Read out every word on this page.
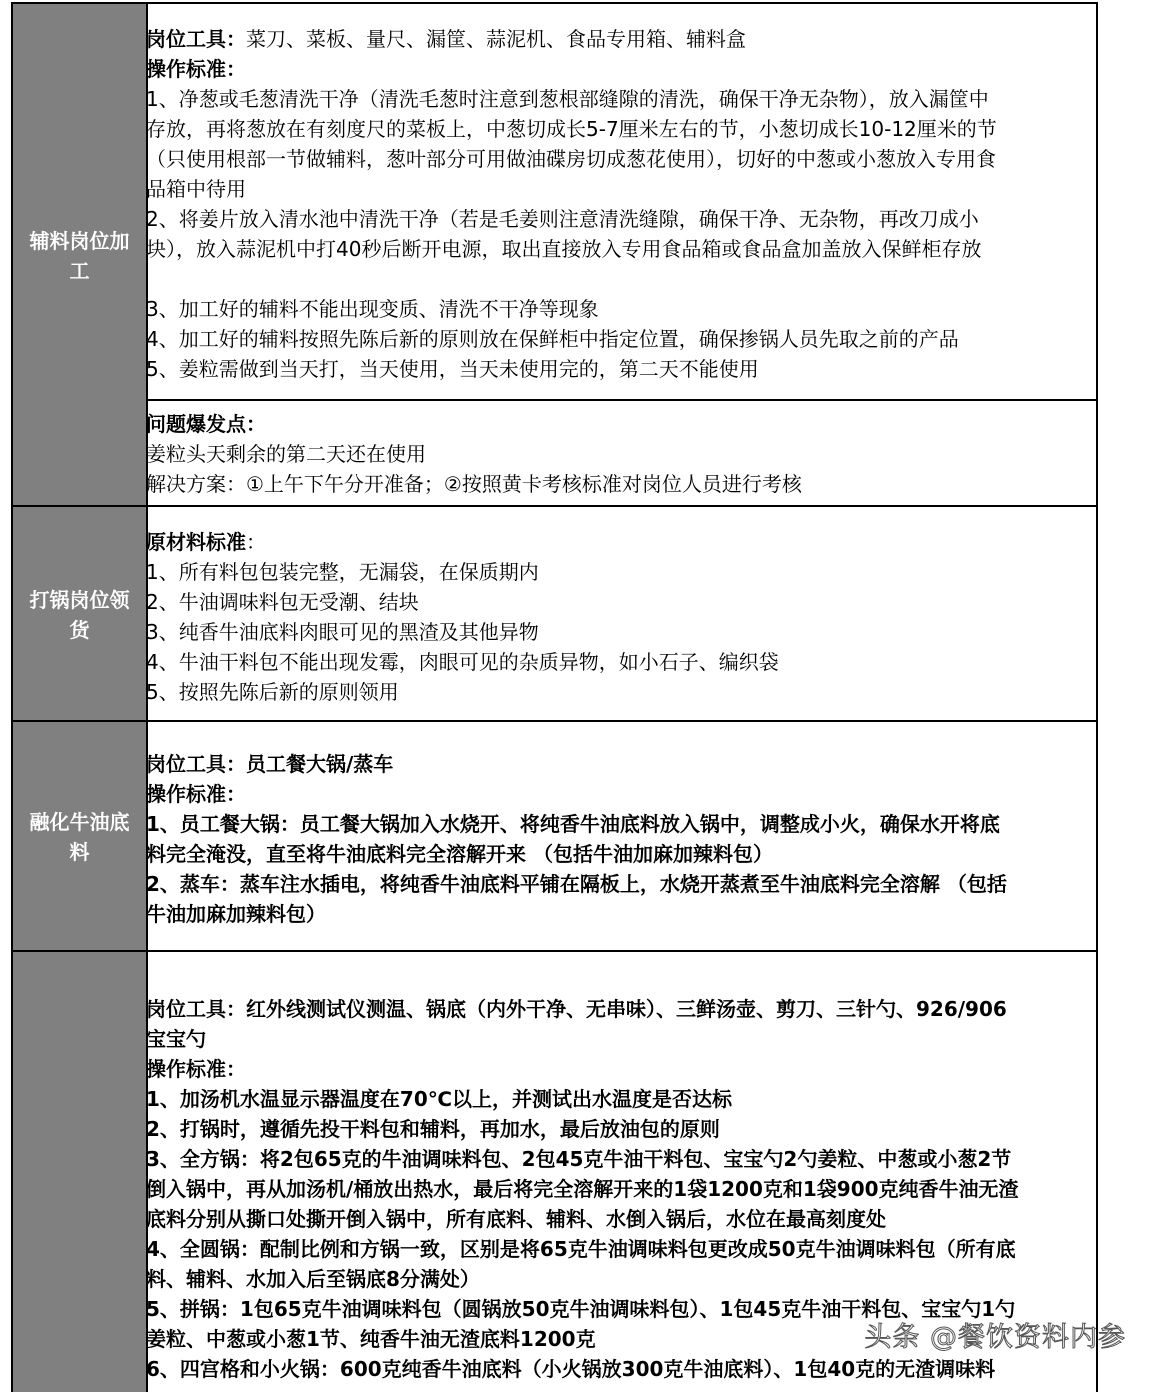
辅料岗位加工
岗位工具：菜刀、菜板、量尺、漏筐、蒜泥机、食品专用箱、辅料盒
操作标准：
1、净葱或毛葱清洗干净（清洗毛葱时注意到葱根部缝隙的清洗，确保干净无杂物），放入漏筐中
存放，再将葱放在有刻度尺的菜板上，中葱切成长5-7厘米左右的节，小葱切成长10-12厘米的节
（只使用根部一节做辅料，葱叶部分可用做油碟房切成葱花使用），切好的中葱或小葱放入专用食
品箱中待用
2、将姜片放入清水池中清洗干净（若是毛姜则注意清洗缝隙，确保干净、无杂物，再改刀成小
块），放入蒜泥机中打40秒后断开电源，取出直接放入专用食品箱或食品盒加盖放入保鲜柜存放
3、加工好的辅料不能出现变质、清洗不干净等现象
4、加工好的辅料按照先陈后新的原则放在保鲜柜中指定位置，确保掺锅人员先取之前的产品
5、姜粒需做到当天打，当天使用，当天未使用完的，第二天不能使用
问题爆发点：
姜粒头天剩余的第二天还在使用
解决方案：①上午下午分开准备；②按照黄卡考核标准对岗位人员进行考核
打锅岗位领货
原材料标准：
1、所有料包包装完整，无漏袋，在保质期内
2、牛油调味料包无受潮、结块
3、纯香牛油底料肉眼可见的黑渣及其他异物
4、牛油干料包不能出现发霉，肉眼可见的杂质异物，如小石子、编织袋
5、按照先陈后新的原则领用
融化牛油底料
岗位工具：员工餐大锅/蒸车
操作标准：
1、员工餐大锅：员工餐大锅加入水烧开、将纯香牛油底料放入锅中，调整成小火，确保水开将底
料完全淹没，直至将牛油底料完全溶解开来 （包括牛油加麻加辣料包）
2、蒸车：蒸车注水插电，将纯香牛油底料平铺在隔板上，水烧开蒸煮至牛油底料完全溶解 （包括
牛油加麻加辣料包）
岗位工具：红外线测试仪测温、锅底（内外干净、无串味）、三鲜汤壶、剪刀、三针勺、926/906
宝宝勺
操作标准：
1、加汤机水温显示器温度在70℃以上，并测试出水温度是否达标
2、打锅时，遵循先投干料包和辅料，再加水，最后放油包的原则
3、全方锅：将2包65克的牛油调味料包、2包45克牛油干料包、宝宝勺2勺姜粒、中葱或小葱2节
倒入锅中，再从加汤机/桶放出热水，最后将完全溶解开来的1袋1200克和1袋900克纯香牛油无渣
底料分别从撕口处撕开倒入锅中，所有底料、辅料、水倒入锅后，水位在最高刻度处
4、全圆锅：配制比例和方锅一致，区别是将65克牛油调味料包更改成50克牛油调味料包（所有底
料、辅料、水加入后至锅底8分满处）
5、拼锅：1包65克牛油调味料包（圆锅放50克牛油调味料包）、1包45克牛油干料包、宝宝勺1勺
姜粒、中葱或小葱1节、纯香牛油无渣底料1200克
6、四宫格和小火锅：600克纯香牛油底料（小火锅放300克牛油底料）、1包40克的无渣调味料
头条 @餐饮资料内参
